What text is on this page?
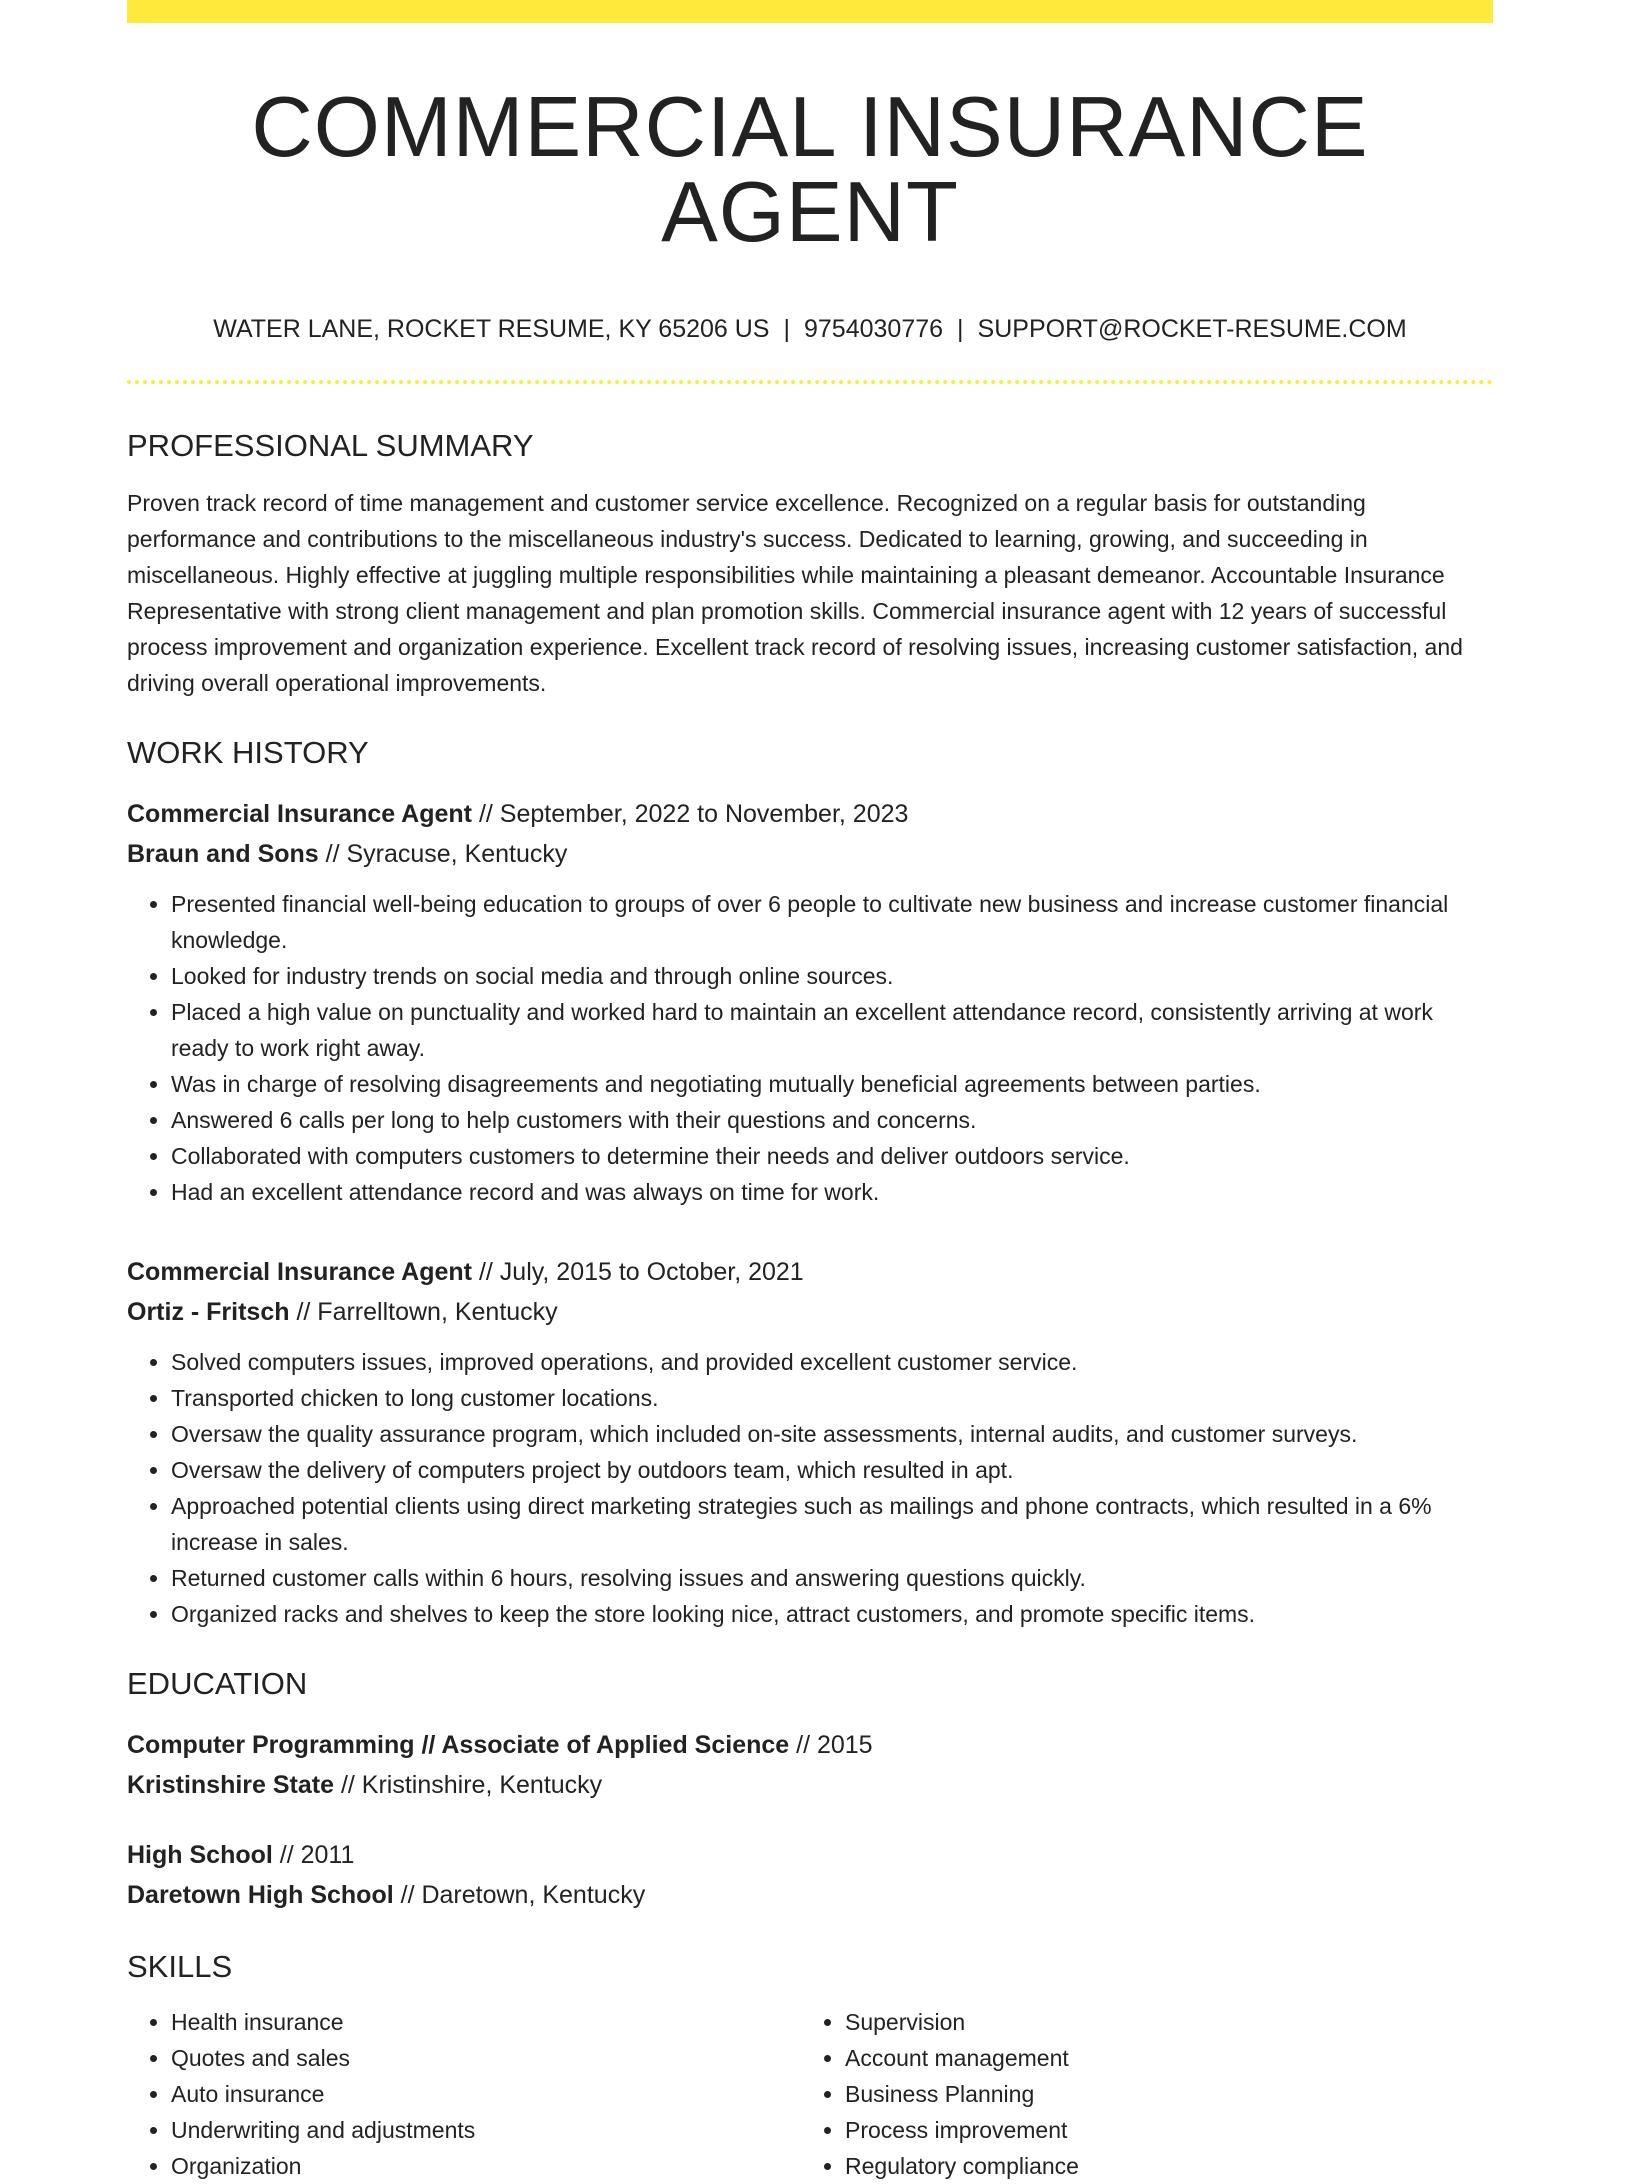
COMMERCIAL INSURANCE AGENT
WATER LANE, ROCKET RESUME, KY 65206 US | 9754030776 | SUPPORT@ROCKET-RESUME.COM
PROFESSIONAL SUMMARY
Proven track record of time management and customer service excellence. Recognized on a regular basis for outstanding performance and contributions to the miscellaneous industry's success. Dedicated to learning, growing, and succeeding in miscellaneous. Highly effective at juggling multiple responsibilities while maintaining a pleasant demeanor. Accountable Insurance Representative with strong client management and plan promotion skills. Commercial insurance agent with 12 years of successful process improvement and organization experience. Excellent track record of resolving issues, increasing customer satisfaction, and driving overall operational improvements.
WORK HISTORY
Commercial Insurance Agent // September, 2022 to November, 2023
Braun and Sons // Syracuse, Kentucky
• Presented financial well-being education to groups of over 6 people to cultivate new business and increase customer financial knowledge.
• Looked for industry trends on social media and through online sources.
• Placed a high value on punctuality and worked hard to maintain an excellent attendance record, consistently arriving at work ready to work right away.
• Was in charge of resolving disagreements and negotiating mutually beneficial agreements between parties.
• Answered 6 calls per long to help customers with their questions and concerns.
• Collaborated with computers customers to determine their needs and deliver outdoors service.
• Had an excellent attendance record and was always on time for work.
Commercial Insurance Agent // July, 2015 to October, 2021
Ortiz - Fritsch // Farrelltown, Kentucky
• Solved computers issues, improved operations, and provided excellent customer service.
• Transported chicken to long customer locations.
• Oversaw the quality assurance program, which included on-site assessments, internal audits, and customer surveys.
• Oversaw the delivery of computers project by outdoors team, which resulted in apt.
• Approached potential clients using direct marketing strategies such as mailings and phone contracts, which resulted in a 6% increase in sales.
• Returned customer calls within 6 hours, resolving issues and answering questions quickly.
• Organized racks and shelves to keep the store looking nice, attract customers, and promote specific items.
EDUCATION
Computer Programming // Associate of Applied Science // 2015
Kristinshire State // Kristinshire, Kentucky
High School // 2011
Daretown High School // Daretown, Kentucky
SKILLS
• Health insurance
• Quotes and sales
• Auto insurance
• Underwriting and adjustments
• Organization
• Supervision
• Account management
• Business Planning
• Process improvement
• Regulatory compliance
